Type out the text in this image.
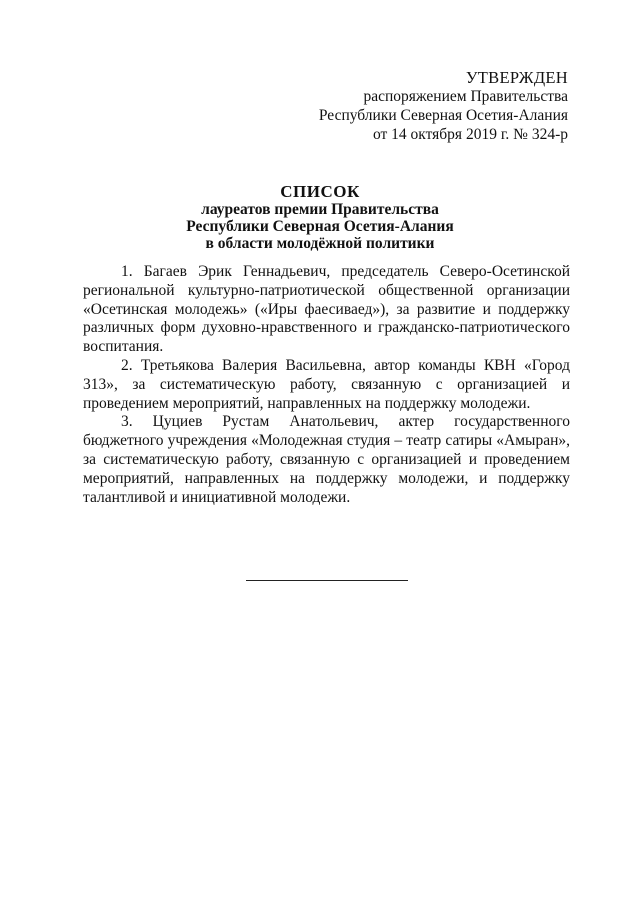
УТВЕРЖДЕН
распоряжением Правительства
Республики Северная Осетия-Алания
от 14 октября 2019 г. № 324-р
СПИСОК
лауреатов премии Правительства
Республики Северная Осетия-Алания
в области молодёжной политики

1. Багаев Эрик Геннадьевич, председатель Северо-Осетинской региональной культурно-патриотической общественной организации «Осетинская молодежь» («Иры фаесиваед»), за развитие и поддержку различных форм духовно-нравственного и гражданско-патриотического воспитания.

2. Третьякова Валерия Васильевна, автор команды КВН «Город 313», за систематическую работу, связанную с организацией и проведением мероприятий, направленных на поддержку молодежи.

3. Цуциев Рустам Анатольевич, актер государственного бюджетного учреждения «Молодежная студия – театр сатиры «Амыран», за систематическую работу, связанную с организацией и проведением мероприятий, направленных на поддержку молодежи, и поддержку талантливой и инициативной молодежи.
